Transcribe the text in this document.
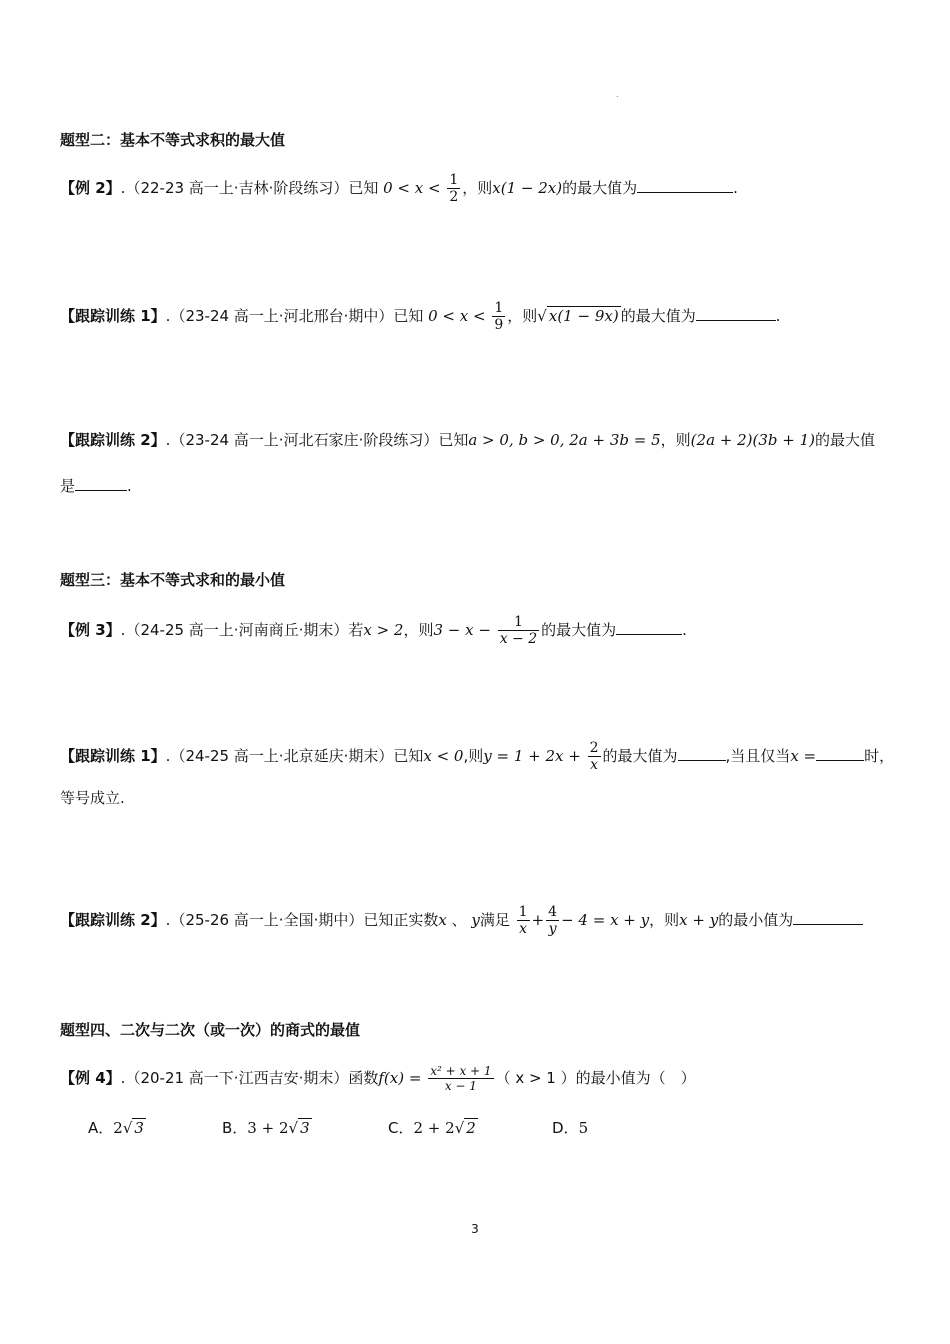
.
题型二：基本不等式求积的最大值
【例 2】.（22-23 高一上·吉林·阶段练习）已知 $0 < x < \frac{1}{2}$ ，则x(1 − 2x)的最大值为	.
【跟踪训练 1】.（23-24 高一上·河北邢台·期中）已知 $0 < x < \frac{1}{9}$ ，则√ x(1 − 9x) 的最大值为	.
【跟踪训练 2】.（23-24 高一上·河北石家庄·阶段练习）已知a > 0, b > 0, 2a + 3b = 5，则(2a + 2)(3b + 1)的最大值
是	.
题型三：基本不等式求和的最小值
【例 3】.（24-25 高一上·河南商丘·期末）若x > 2，则$3 - x - \frac{1}{x - 2}$ 的最大值为	.
【跟踪训练 1】.（24-25 高一上·北京延庆·期末）已知x < 0,则$y = 1 + 2x + \frac{2}{x}$ 的最大值为	,当且仅当x =	时，
等号成立.
【跟踪训练 2】.（25-26 高一上·全国·期中）已知正实数x 、 y满足 $\frac{1}{x} + \frac{4}{y} - 4 = x + y$，则x + y的最小值为
题型四、二次与二次（或一次）的商式的最值
【例 4】.（20-21 高一下·江西吉安·期末）函数$f(x) = \frac{\text{x² + x + 1}}{x - 1}$ （ x > 1 ）的最小值为（　）
A．2√ 3	B．3 + 2√ 3	C．2 + 2√ 2	D．5
3
